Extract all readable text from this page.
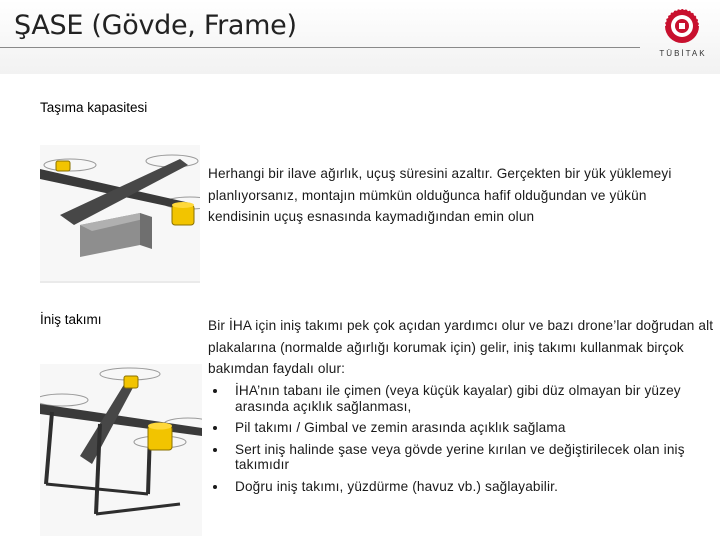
ŞASE (Gövde, Frame)
TÜBİTAK
Taşıma kapasitesi

Herhangi bir ilave ağırlık, uçuş süresini azaltır. Gerçekten bir yük yüklemeyi planlıyorsanız, montajın mümkün olduğunca hafif olduğundan ve yükün kendisinin uçuş esnasında kaymadığından emin olun

İniş takımı	Bir İHA için iniş takımı pek çok açıdan yardımcı olur ve bazı drone’lar doğrudan alt plakalarına (normalde ağırlığı korumak için) gelir, iniş takımı kullanmak birçok bakımdan faydalı olur:

İHA’nın tabanı ile çimen (veya küçük kayalar) gibi düz olmayan bir yüzey arasında açıklık sağlanması,
Pil takımı / Gimbal ve zemin arasında açıklık sağlama
Sert iniş halinde şase veya gövde yerine kırılan ve değiştirilecek olan iniş takımıdır
Doğru iniş takımı, yüzdürme (havuz vb.) sağlayabilir.
